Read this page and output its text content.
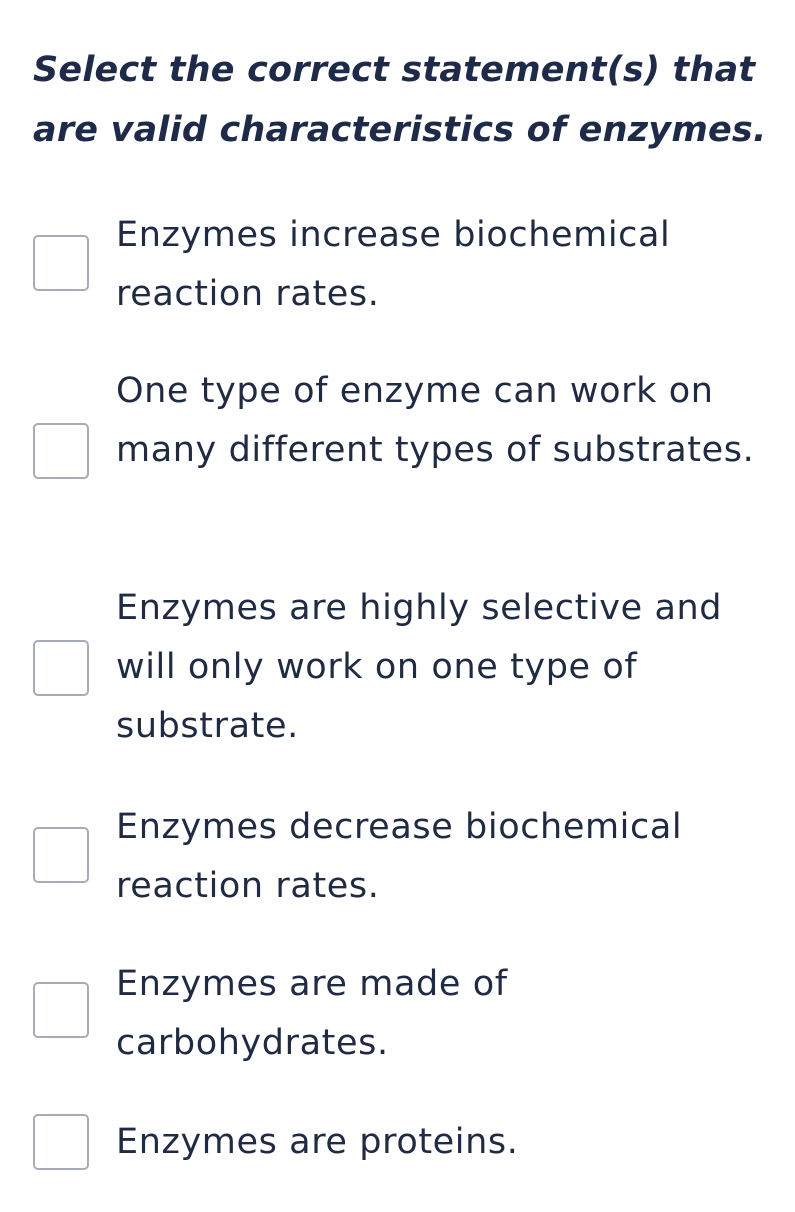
Select the correct statement(s) that are valid characteristics of enzymes.
Enzymes increase biochemical reaction rates.
One type of enzyme can work on many different types of substrates.
Enzymes are highly selective and will only work on one type of substrate.
Enzymes decrease biochemical reaction rates.
Enzymes are made of carbohydrates.
Enzymes are proteins.
